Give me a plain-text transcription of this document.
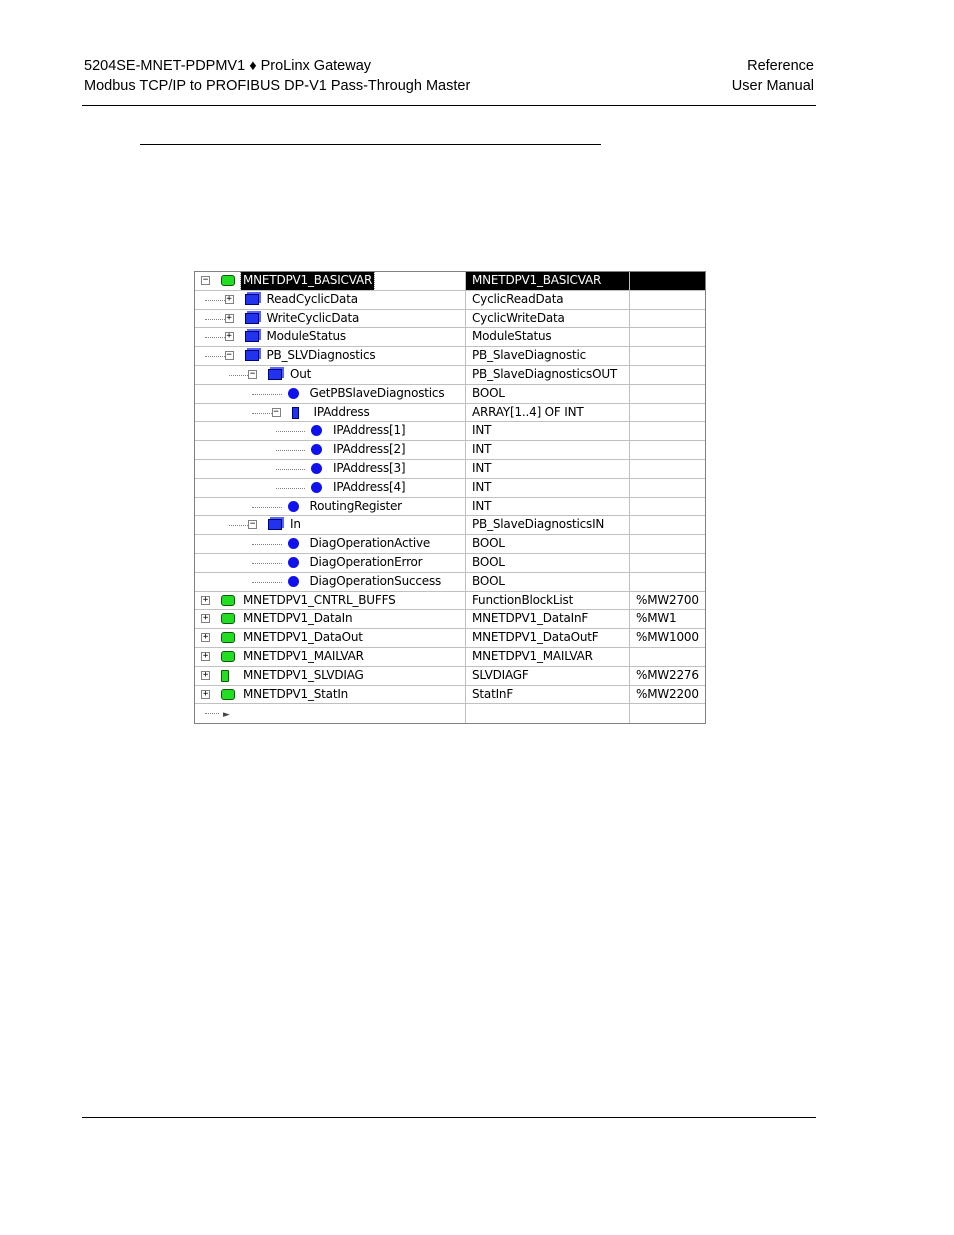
5204SE-MNET-PDPMV1 ♦ ProLinx Gateway
Modbus TCP/IP to PROFIBUS DP-V1 Pass-Through Master
Reference
User Manual
−	MNETDPV1_BASICVAR	MNETDPV1_BASICVAR
+	ReadCyclicData	CyclicReadData
+	WriteCyclicData	CyclicWriteData
+	ModuleStatus	ModuleStatus
−	PB_SLVDiagnostics	PB_SlaveDiagnostic
−	Out	PB_SlaveDiagnosticsOUT
GetPBSlaveDiagnostics	BOOL
−	IPAddress	ARRAY[1..4] OF INT
IPAddress[1]	INT
IPAddress[2]	INT
IPAddress[3]	INT
IPAddress[4]	INT
RoutingRegister	INT
−	In	PB_SlaveDiagnosticsIN
DiagOperationActive	BOOL
DiagOperationError	BOOL
DiagOperationSuccess	BOOL
+	MNETDPV1_CNTRL_BUFFS	FunctionBlockList	%MW2700
+	MNETDPV1_DataIn	MNETDPV1_DataInF	%MW1
+	MNETDPV1_DataOut	MNETDPV1_DataOutF	%MW1000
+	MNETDPV1_MAILVAR	MNETDPV1_MAILVAR
+	MNETDPV1_SLVDIAG	SLVDIAGF	%MW2276
+	MNETDPV1_StatIn	StatInF	%MW2200
►
